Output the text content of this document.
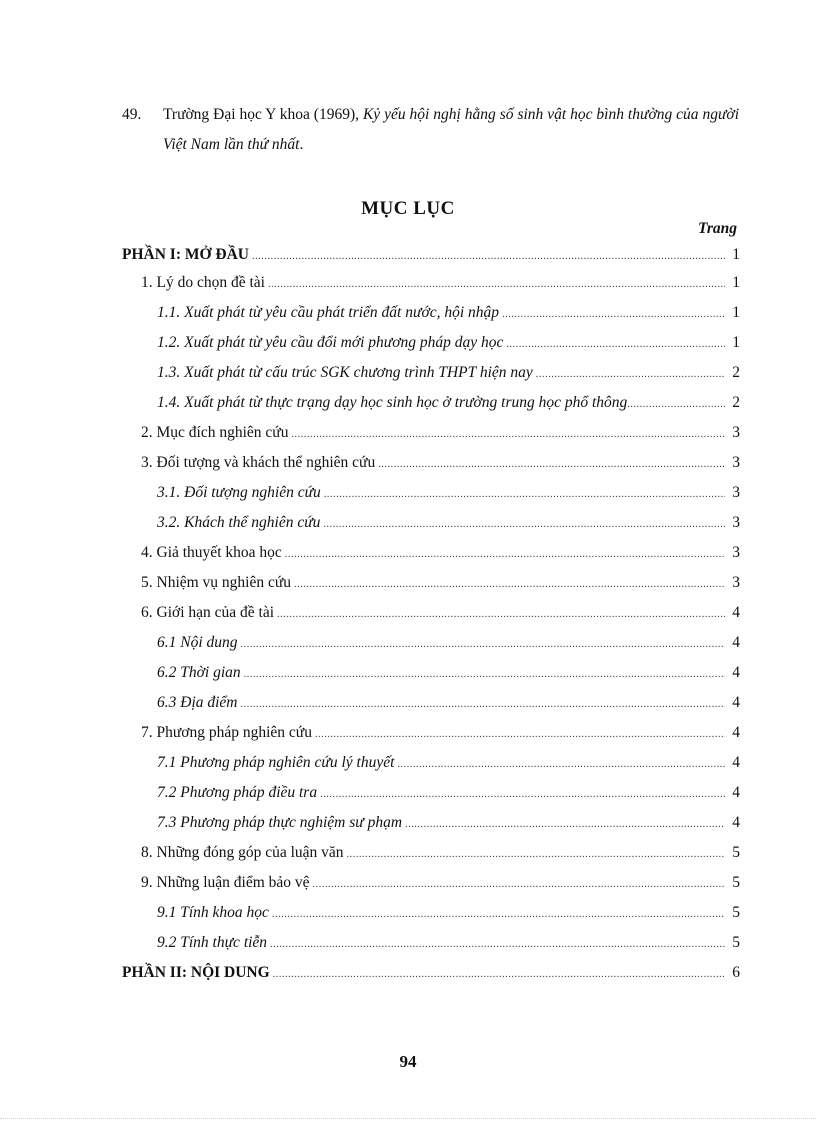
49. Trường Đại học Y khoa (1969), Kỷ yếu hội nghị hằng số sinh vật học bình thường của người Việt Nam lần thứ nhất.
MỤC LỤC
Trang
PHẦN I: MỞ ĐẦU .....	1
1. Lý do chọn đề tài .....	1
1.1. Xuất phát từ yêu cầu phát triển đất nước, hội nhập .....	1
1.2. Xuất phát từ yêu cầu đổi mới phương pháp dạy học .....	1
1.3. Xuất phát từ cấu trúc SGK chương trình THPT hiện nay .....	2
1.4. Xuất phát từ thực trạng dạy học sinh học ở trường trung học phổ thông .....	2
2. Mục đích nghiên cứu .....	3
3. Đối tượng và khách thể nghiên cứu .....	3
3.1. Đối tượng nghiên cứu .....	3
3.2. Khách thể nghiên cứu .....	3
4. Giả thuyết khoa học .....	3
5. Nhiệm vụ nghiên cứu .....	3
6. Giới hạn của đề tài .....	4
6.1 Nội dung .....	4
6.2 Thời gian .....	4
6.3 Địa điểm .....	4
7. Phương pháp nghiên cứu .....	4
7.1 Phương pháp nghiên cứu lý thuyết .....	4
7.2 Phương pháp điều tra .....	4
7.3 Phương pháp thực nghiệm sư phạm .....	4
8. Những đóng góp của luận văn .....	5
9. Những luận điểm bảo vệ .....	5
9.1 Tính khoa học .....	5
9.2 Tính thực tiễn .....	5
PHẦN II: NỘI DUNG .....	6
94
